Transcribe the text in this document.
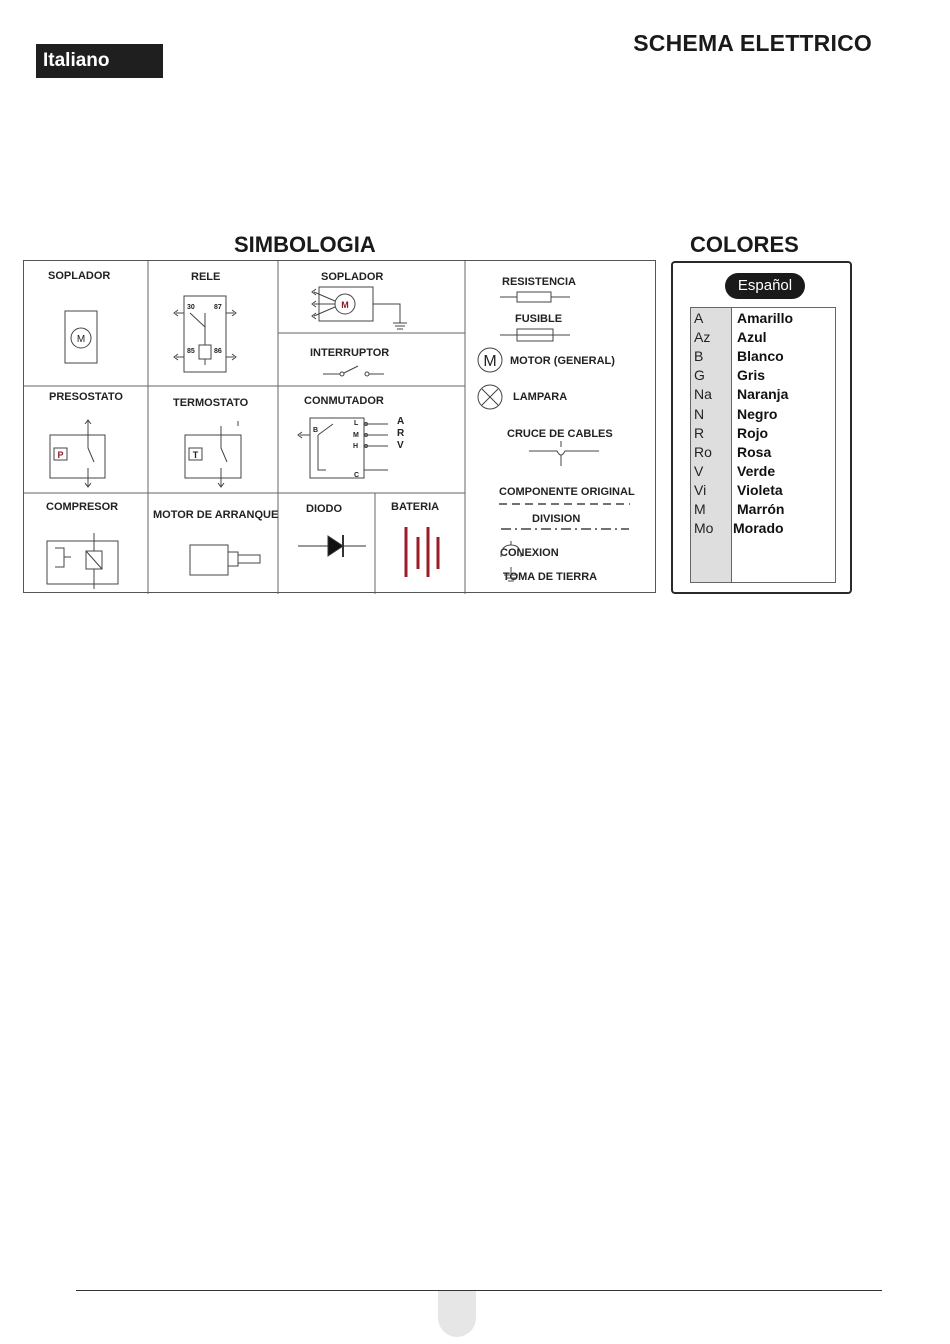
Italiano
SCHEMA ELETTRICO
SIMBOLOGIA	COLORES
SOPLADOR
M
RELE
30	87
85	86
SOPLADOR
M
INTERRUPTOR
PRESOSTATO
P
TERMOSTATO
T
CONMUTADOR
B
L
M
H
C
A
R
V
COMPRESOR
MOTOR DE ARRANQUE	DIODO	BATERIA
RESISTENCIA
FUSIBLE
MOTOR (GENERAL)
LAMPARA
CRUCE DE CABLES
COMPONENTE ORIGINAL
DIVISION
CONEXION
TOMA DE TIERRA
M
Español
A Amarillo
Az Azul
B Blanco
G Gris
Na Naranja
N Negro
R Rojo
Ro Rosa
V Verde
Vi Violeta
M Marrón
Mo Morado
